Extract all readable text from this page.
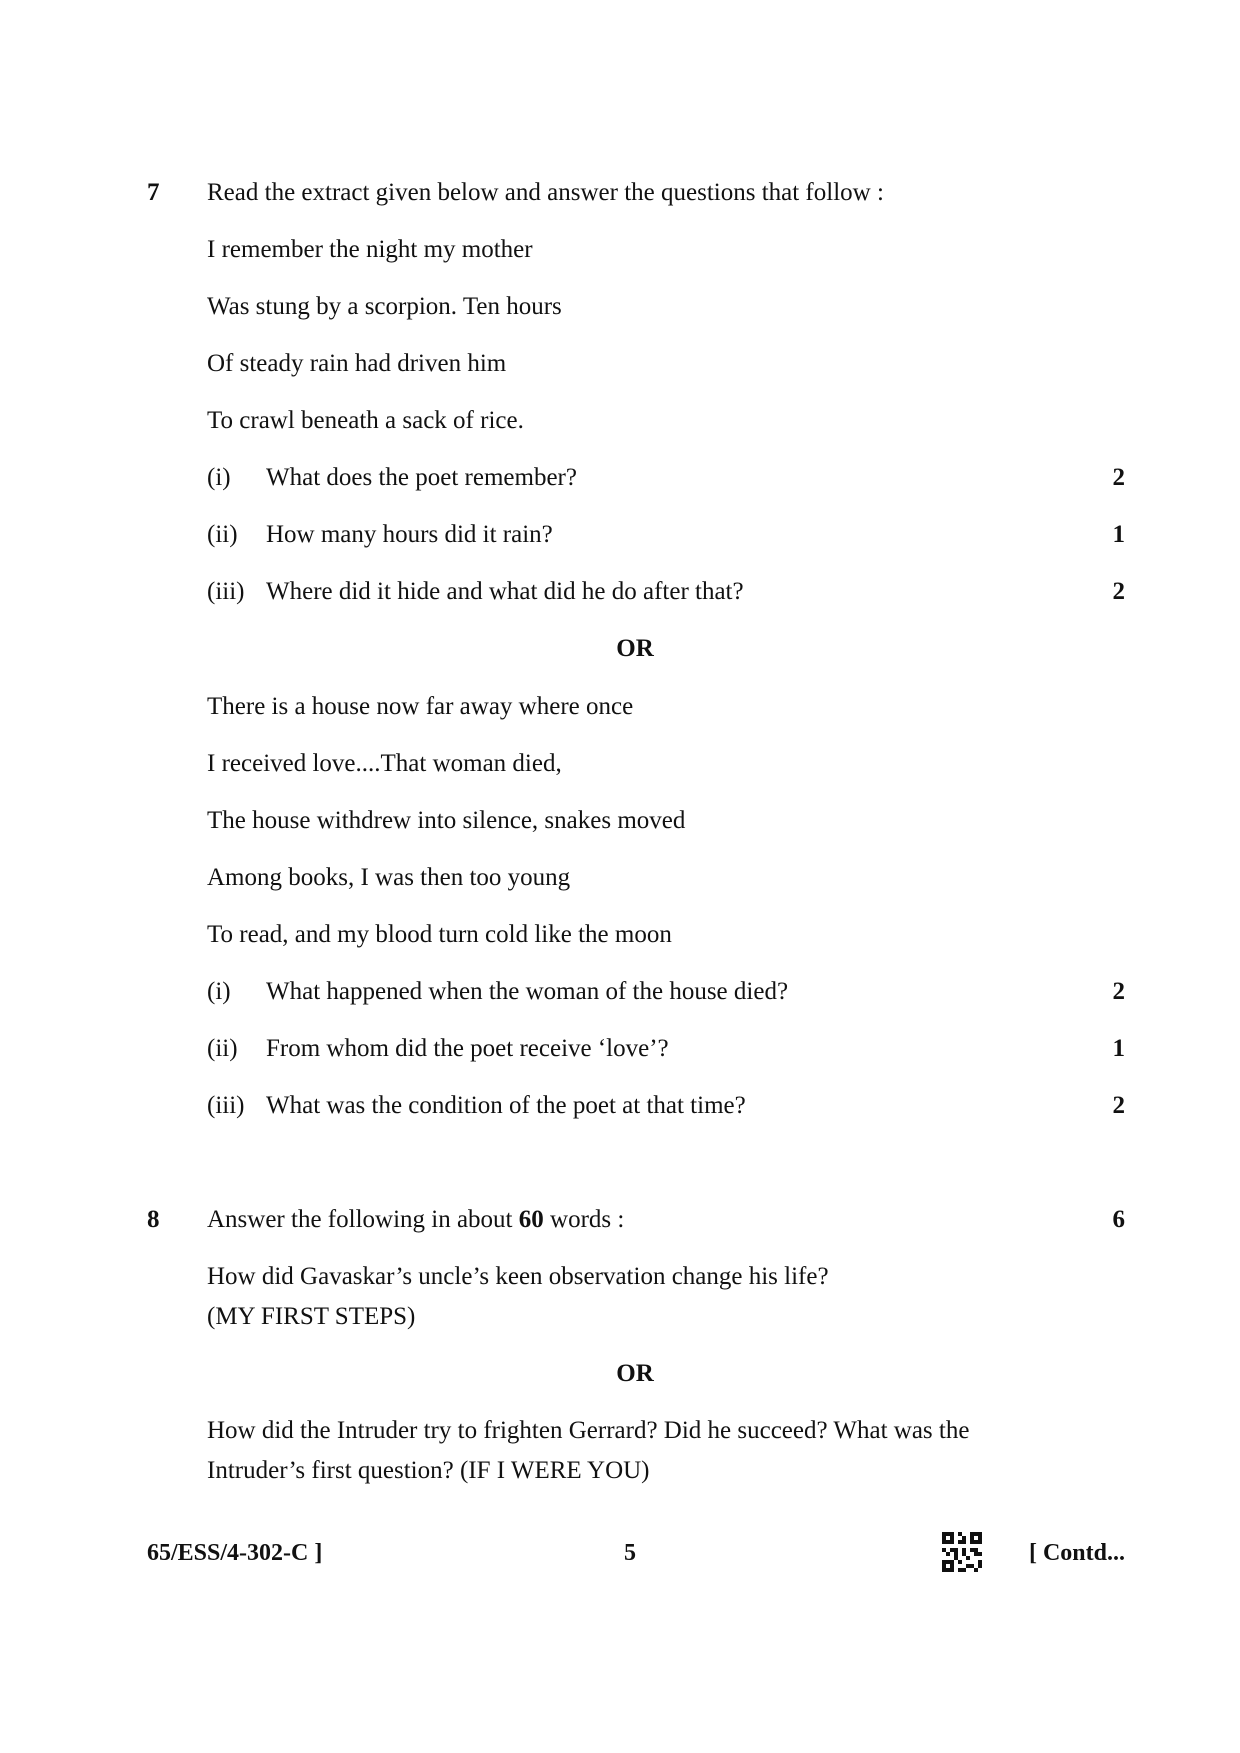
7 Read the extract given below and answer the questions that follow :
I remember the night my mother
Was stung by a scorpion. Ten hours
Of steady rain had driven him
To crawl beneath a sack of rice.
(i) What does the poet remember?	2
(ii) How many hours did it rain?	1
(iii) Where did it hide and what did he do after that?	2
OR
There is a house now far away where once
I received love....That woman died,
The house withdrew into silence, snakes moved
Among books, I was then too young
To read, and my blood turn cold like the moon
(i) What happened when the woman of the house died?	2
(ii) From whom did the poet receive ‘love’?	1
(iii) What was the condition of the poet at that time?	2
8 Answer the following in about 60 words :	6
How did Gavaskar’s uncle’s keen observation change his life?
(MY FIRST STEPS)
OR
How did the Intruder try to frighten Gerrard? Did he succeed? What was the
Intruder’s first question? (IF I WERE YOU)
65/ESS/4-302-C ]	5	[ Contd...
